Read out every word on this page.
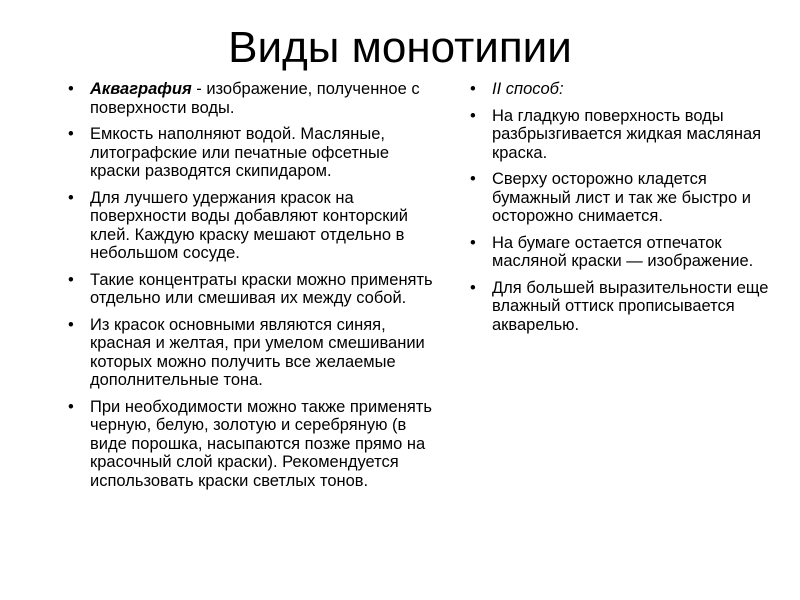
Виды монотипии
• Акваграфия - изображение, полученное с поверхности воды.
• Емкость наполняют водой. Масляные, литографские или печатные офсетные краски разводятся скипидаром.
• Для лучшего удержания красок на поверхности воды добавляют конторский клей. Каждую краску мешают отдельно в небольшом сосуде.
• Такие концентраты краски можно применять отдельно или смешивая их между собой.
• Из красок основными являются синяя, красная и желтая, при умелом смешивании которых можно получить все желаемые дополнительные тона.
• При необходимости можно также применять черную, белую, золотую и серебряную (в виде порошка, насыпаются позже прямо на красочный слой краски). Рекомендуется использовать краски светлых тонов.
• II способ:
• На гладкую поверхность воды разбрызгивается жидкая масляная краска.
• Сверху осторожно кладется бумажный лист и так же быстро и осторожно снимается.
• На бумаге остается отпечаток масляной краски — изображение.
• Для большей выразительности еще влажный оттиск прописывается акварелью.
